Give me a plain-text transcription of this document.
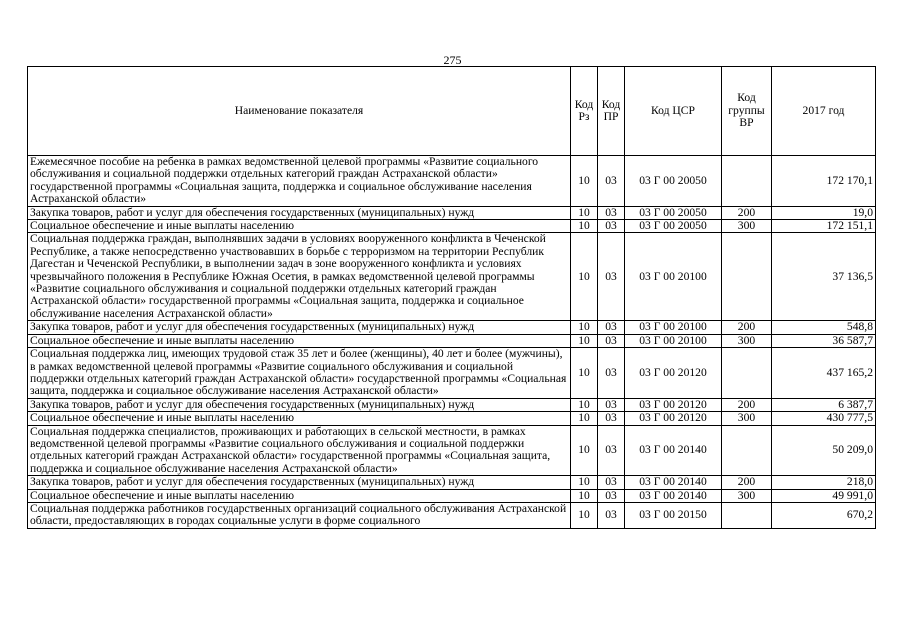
275
Наименование показателя	Код Рз	Код ПР	Код ЦСР	Код группы ВР	2017 год
Ежемесячное пособие на ребенка в рамках ведомственной целевой программы «Развитие социального обслуживания и социальной поддержки отдельных категорий граждан Астраханской области» государственной программы «Социальная защита, поддержка и социальное обслуживание населения Астраханской области»	10	03	03 Г 00 20050		172 170,1
Закупка товаров, работ и услуг для обеспечения государственных (муниципальных) нужд	10	03	03 Г 00 20050	200	19,0
Социальное обеспечение и иные выплаты населению	10	03	03 Г 00 20050	300	172 151,1
Социальная поддержка граждан, выполнявших задачи в условиях вооруженного конфликта в Чеченской Республике, а также непосредственно участвовавших в борьбе с терроризмом на территории Республик Дагестан и Чеченской Республики, в выполнении задач в зоне вооруженного конфликта и условиях чрезвычайного положения в Республике Южная Осетия, в рамках ведомственной целевой программы «Развитие социального обслуживания и социальной поддержки отдельных категорий граждан Астраханской области» государственной программы «Социальная защита, поддержка и социальное обслуживание населения Астраханской области»	10	03	03 Г 00 20100		37 136,5
Закупка товаров, работ и услуг для обеспечения государственных (муниципальных) нужд	10	03	03 Г 00 20100	200	548,8
Социальное обеспечение и иные выплаты населению	10	03	03 Г 00 20100	300	36 587,7
Социальная поддержка лиц, имеющих трудовой стаж 35 лет и более (женщины), 40 лет и более (мужчины), в рамках ведомственной целевой программы «Развитие социального обслуживания и социальной поддержки отдельных категорий граждан Астраханской области» государственной программы «Социальная защита, поддержка и социальное обслуживание населения Астраханской области»	10	03	03 Г 00 20120		437 165,2
Закупка товаров, работ и услуг для обеспечения государственных (муниципальных) нужд	10	03	03 Г 00 20120	200	6 387,7
Социальное обеспечение и иные выплаты населению	10	03	03 Г 00 20120	300	430 777,5
Социальная поддержка специалистов, проживающих и работающих в сельской местности, в рамках ведомственной целевой программы «Развитие социального обслуживания и социальной поддержки отдельных категорий граждан Астраханской области» государственной программы «Социальная защита, поддержка и социальное обслуживание населения Астраханской области»	10	03	03 Г 00 20140		50 209,0
Закупка товаров, работ и услуг для обеспечения государственных (муниципальных) нужд	10	03	03 Г 00 20140	200	218,0
Социальное обеспечение и иные выплаты населению	10	03	03 Г 00 20140	300	49 991,0
Социальная поддержка работников государственных организаций социального обслуживания Астраханской области, предоставляющих в городах социальные услуги в форме социального	10	03	03 Г 00 20150		670,2
